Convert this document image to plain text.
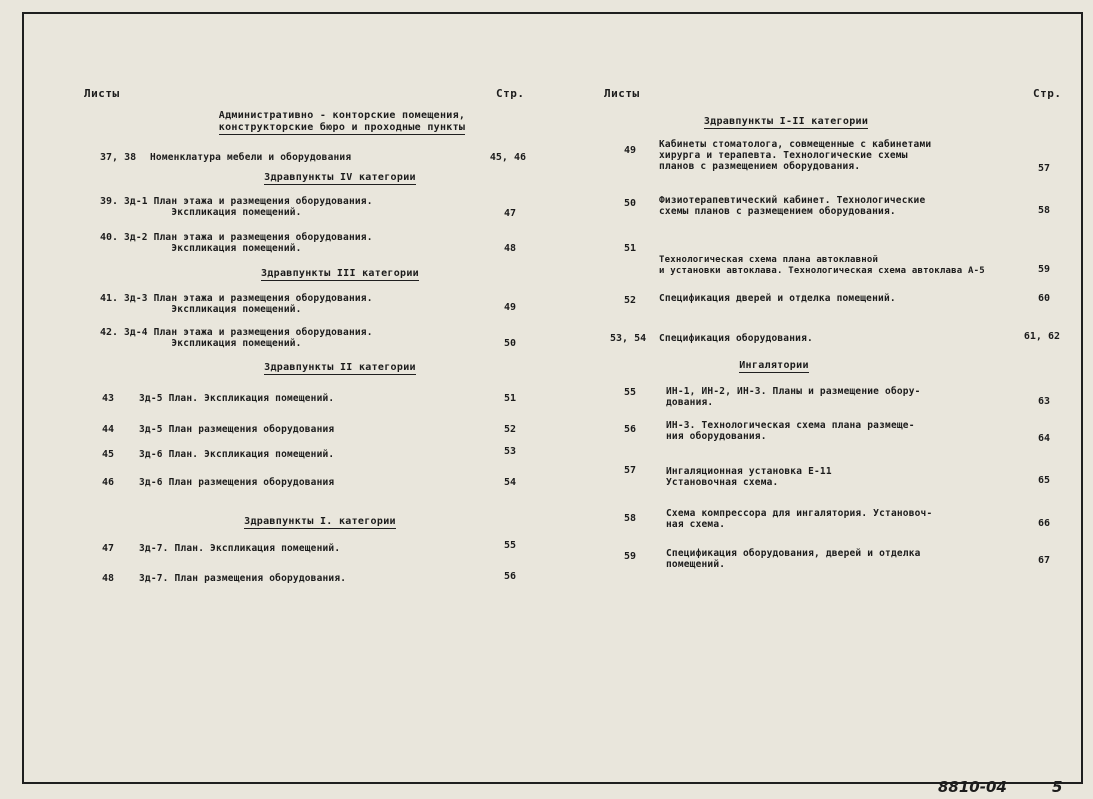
Листы	Стр.
Административно - конторские помещения,
конструкторские бюро и проходные пункты
37, 38 Номенклатура мебели и оборудования	45, 46
Здравпункты IV категории
39. Зд-1 План этажа и размещения оборудования.
Экспликация помещений.	47
40. Зд-2 План этажа и размещения оборудования.
Экспликация помещений.	48
Здравпункты III категории
41. Зд-3 План этажа и размещения оборудования.
Экспликация помещений.	49
42. Зд-4 План этажа и размещения оборудования.
Экспликация помещений.	50
Здравпункты II категории
43	Зд-5 План. Экспликация помещений.	51
44	Зд-5 План размещения оборудования	52
45	Зд-6 План. Экспликация помещений.	53
46	Зд-6 План размещения оборудования	54
Здравпункты I. категории
47	Зд-7. План. Экспликация помещений.	55
48	Зд-7. План размещения оборудования.	56
Листы	Стр.
Здравпункты I-II категории
49
Кабинеты стоматолога, совмещенные с кабинетами
хирурга и терапевта. Технологические схемы
планов с размещением оборудования.	57
50 Физиотерапевтический кабинет. Технологические
схемы планов с размещением оборудования.	58
51
Технологическая схема плана автоклавной
и установки автоклава. Технологическая схема автоклава А-5	59
52 Спецификация дверей и отделка помещений.	60
53, 54 Спецификация оборудования.	61, 62
Ингалятории
55	ИН-1, ИН-2, ИН-3. Планы и размещение обору-
дования.	63
56	ИН-3. Технологическая схема плана размеще-
ния оборудования.	64
57	Ингаляционная установка Е-11
Установочная схема.	65
58	Схема компрессора для ингалятория. Установоч-
ная схема.	66
59	Спецификация оборудования, дверей и отделка
помещений.	67
8810-04	5
